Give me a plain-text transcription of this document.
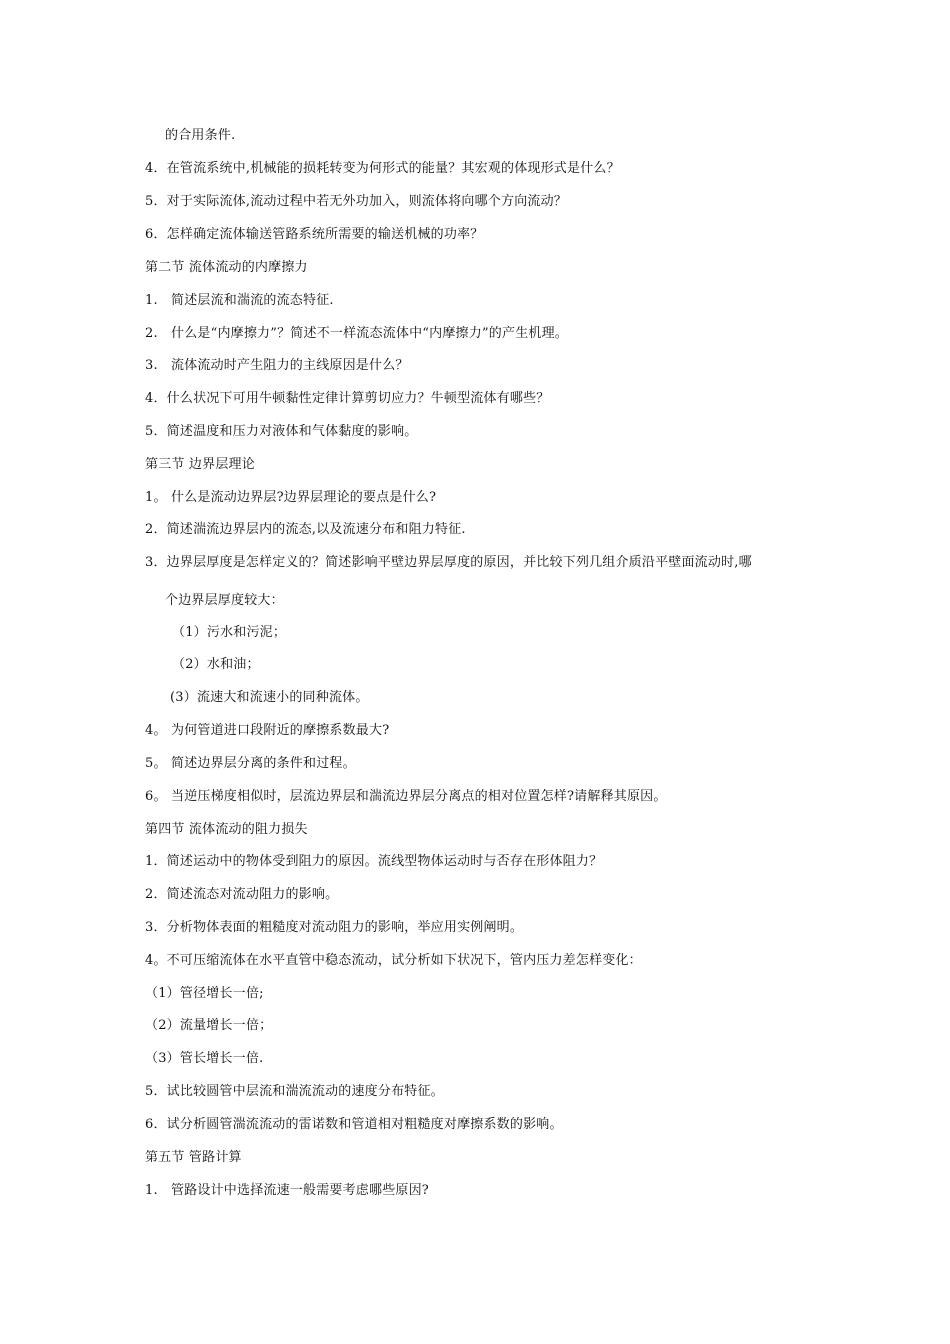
的合用条件.
4．在管流系统中,机械能的损耗转变为何形式的能量？其宏观的体现形式是什么？
5．对于实际流体,流动过程中若无外功加入，则流体将向哪个方向流动？
6．怎样确定流体输送管路系统所需要的输送机械的功率？
第二节 流体流动的内摩擦力
1.　简述层流和湍流的流态特征.
2.　什么是“内摩擦力”？简述不一样流态流体中“内摩擦力”的产生机理。
3.　流体流动时产生阻力的主线原因是什么？
4．什么状况下可用牛顿黏性定律计算剪切应力？牛顿型流体有哪些？
5．简述温度和压力对液体和气体黏度的影响。
第三节 边界层理论
1。 什么是流动边界层?边界层理论的要点是什么?
2．简述湍流边界层内的流态,以及流速分布和阻力特征.
3．边界层厚度是怎样定义的？简述影响平壁边界层厚度的原因，并比较下列几组介质沿平壁面流动时,哪
个边界层厚度较大：
（1）污水和污泥；
（2）水和油；
(3）流速大和流速小的同种流体。
4。 为何管道进口段附近的摩擦系数最大?
5。 简述边界层分离的条件和过程。
6。 当逆压梯度相似时，层流边界层和湍流边界层分离点的相对位置怎样?请解释其原因。
第四节 流体流动的阻力损失
1．简述运动中的物体受到阻力的原因。流线型物体运动时与否存在形体阻力？
2．简述流态对流动阻力的影响。
3．分析物体表面的粗糙度对流动阻力的影响，举应用实例阐明。
4。不可压缩流体在水平直管中稳态流动，试分析如下状况下，管内压力差怎样变化：
（1）管径增长一倍;
（2）流量增长一倍；
（3）管长增长一倍.
5．试比较圆管中层流和湍流流动的速度分布特征。
6．试分析圆管湍流流动的雷诺数和管道相对粗糙度对摩擦系数的影响。
第五节 管路计算
1.　管路设计中选择流速一般需要考虑哪些原因?
